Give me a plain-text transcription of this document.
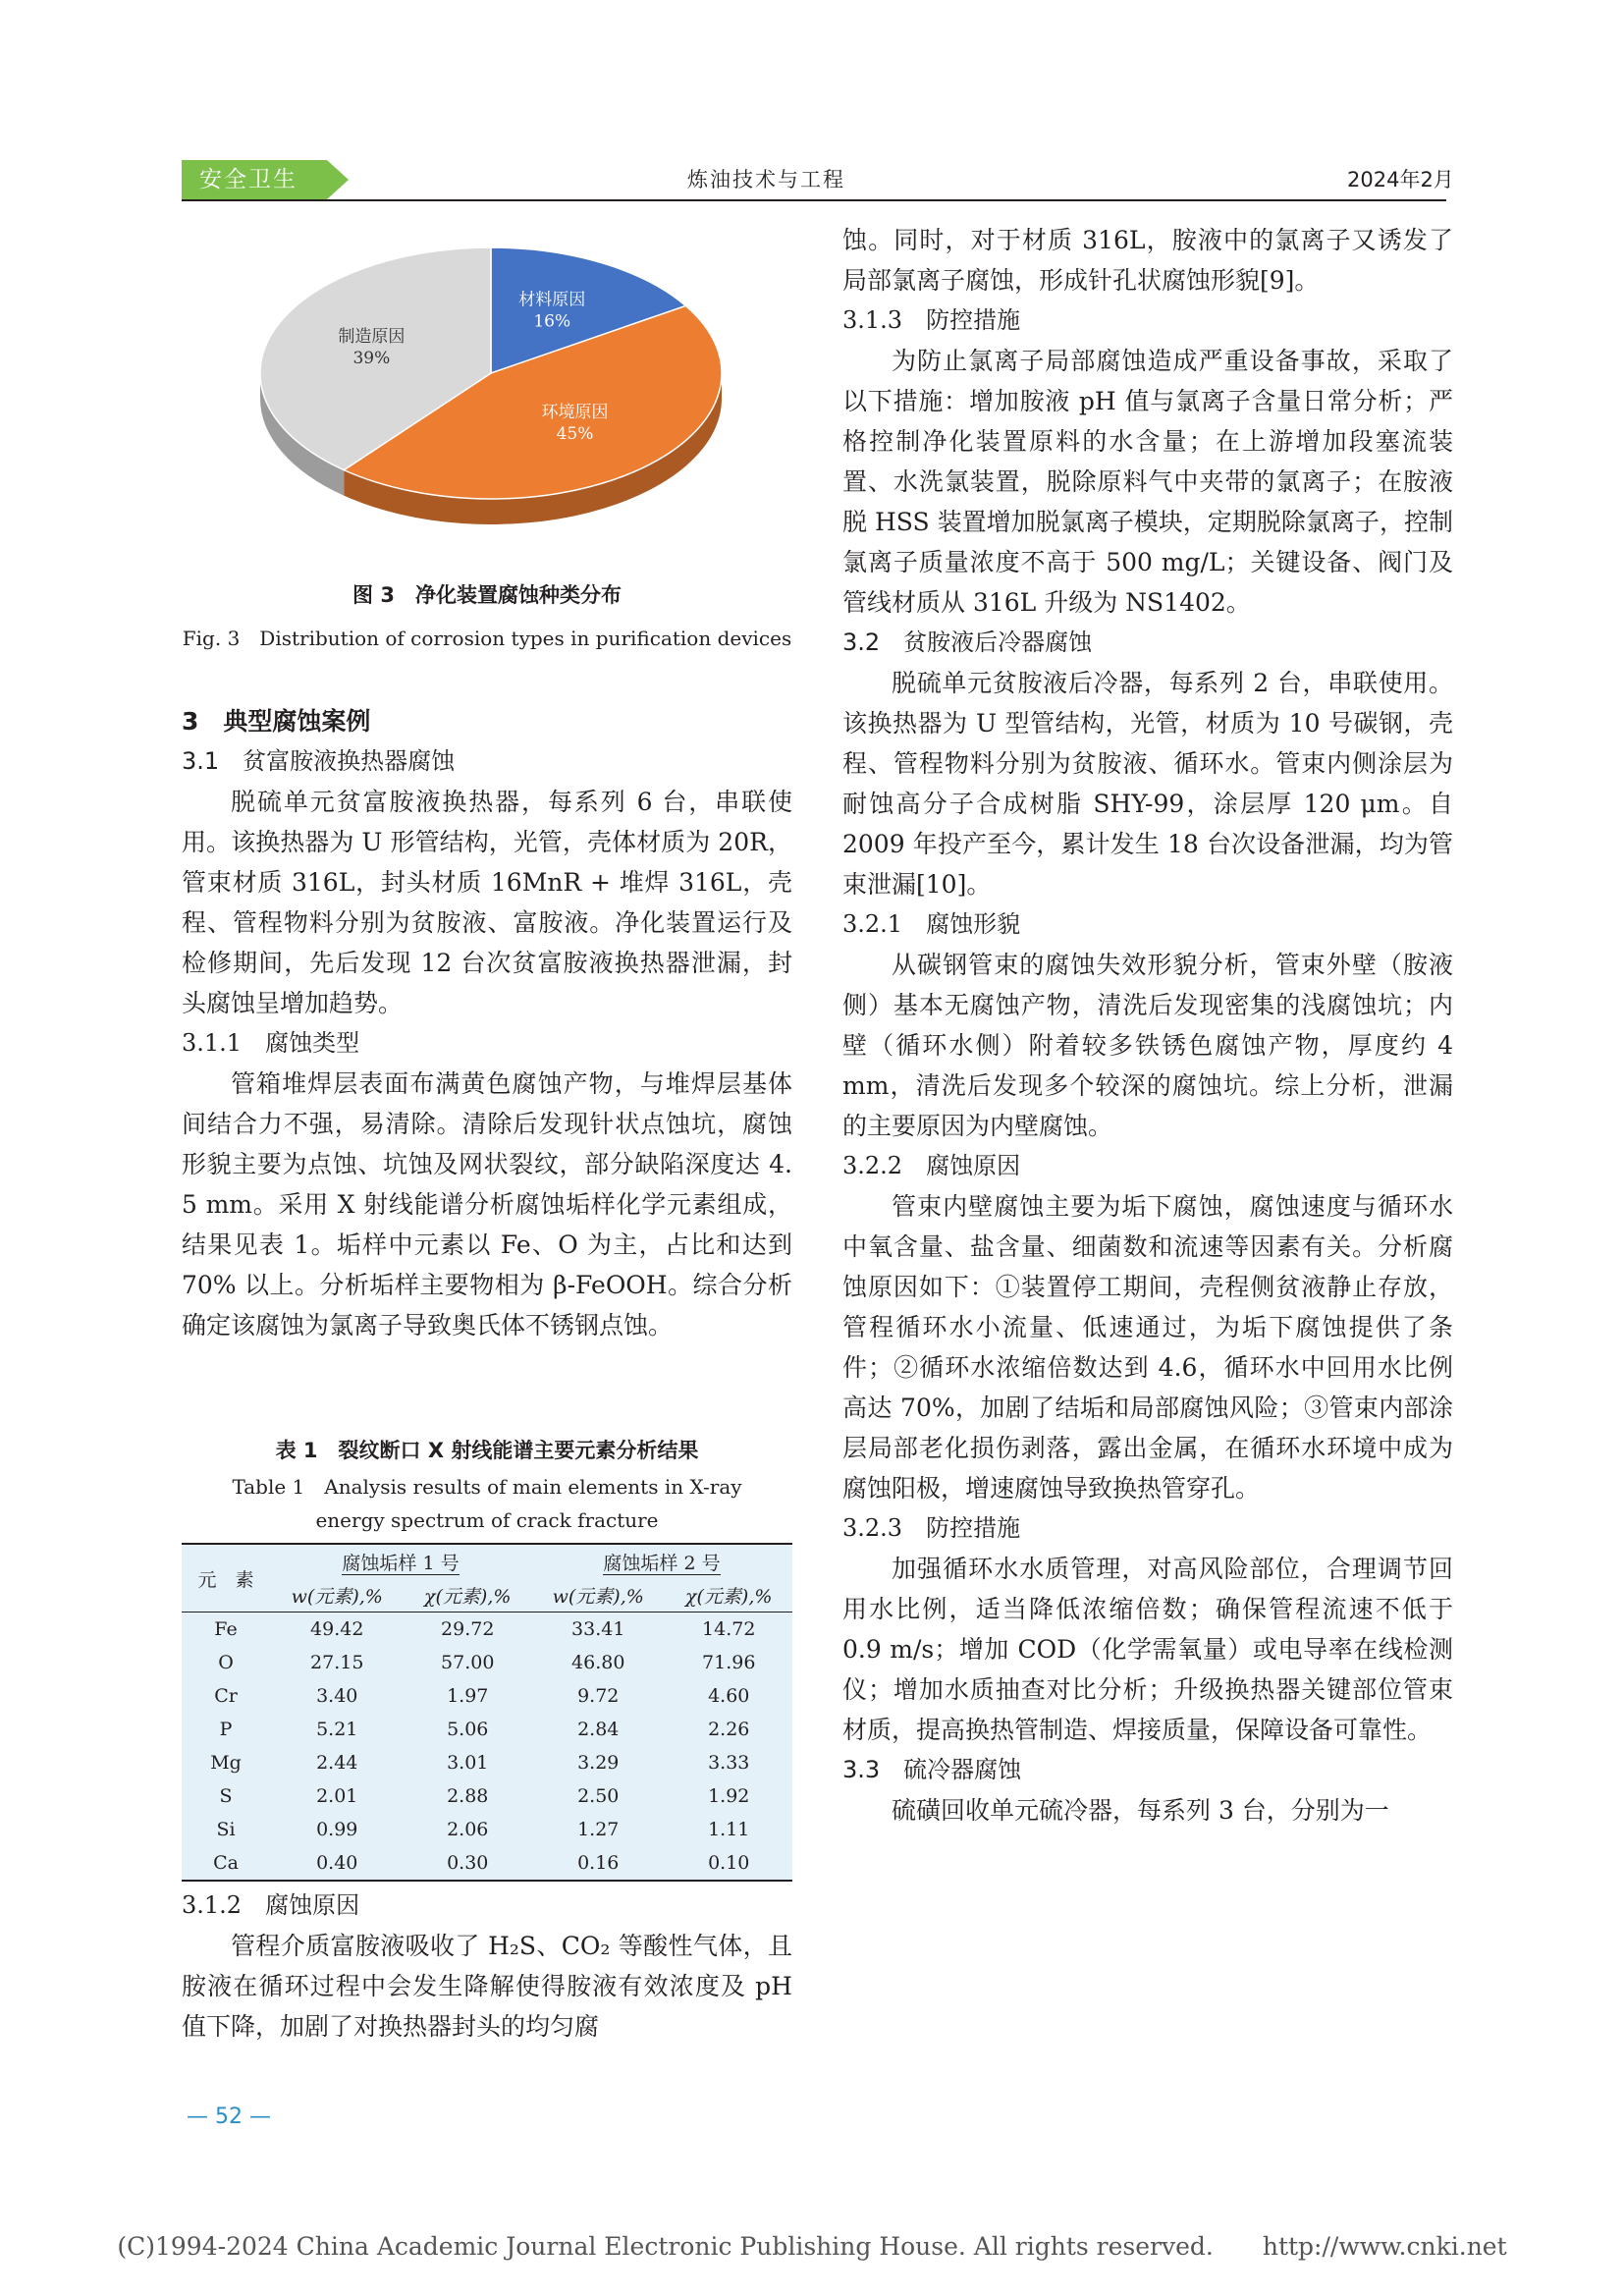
安全卫生	炼油技术与工程	2024年2月
材料原因
16%
环境原因
45%
制造原因
39%
图 3　净化装置腐蚀种类分布
Fig. 3　Distribution of corrosion types in purification devices

3　典型腐蚀案例

3.1　贫富胺液换热器腐蚀

脱硫单元贫富胺液换热器，每系列 6 台，串联使用。该换热器为 U 形管结构，光管，壳体材质为 20R，管束材质 316L，封头材质 16MnR + 堆焊 316L，壳程、管程物料分别为贫胺液、富胺液。净化装置运行及检修期间，先后发现 12 台次贫富胺液换热器泄漏，封头腐蚀呈增加趋势。

3.1.1　腐蚀类型

管箱堆焊层表面布满黄色腐蚀产物，与堆焊层基体间结合力不强，易清除。清除后发现针状点蚀坑，腐蚀形貌主要为点蚀、坑蚀及网状裂纹，部分缺陷深度达 4. 5 mm。采用 X 射线能谱分析腐蚀垢样化学元素组成，结果见表 1。垢样中元素以 Fe、O 为主，占比和达到 70% 以上。分析垢样主要物相为 β-FeOOH。综合分析确定该腐蚀为氯离子导致奥氏体不锈钢点蚀。

表 1　裂纹断口 X 射线能谱主要元素分析结果
Table 1　Analysis results of main elements in X-ray
energy spectrum of crack fracture
元　素	腐蚀垢样 1 号		腐蚀垢样 2 号	
	w(元素),%	χ(元素),%	w(元素),%	χ(元素),%
Fe	49.42	29.72	33.41	14.72
O	27.15	57.00	46.80	71.96
Cr	3.40	1.97	9.72	4.60
P	5.21	5.06	2.84	2.26
Mg	2.44	3.01	3.29	3.33
S	2.01	2.88	2.50	1.92
Si	0.99	2.06	1.27	1.11
Ca	0.40	0.30	0.16	0.10

3.1.2　腐蚀原因

管程介质富胺液吸收了 H₂S、CO₂ 等酸性气体，且胺液在循环过程中会发生降解使得胺液有效浓度及 pH 值下降，加剧了对换热器封头的均匀腐

蚀。同时，对于材质 316L，胺液中的氯离子又诱发了局部氯离子腐蚀，形成针孔状腐蚀形貌[9]。

3.1.3　防控措施

为防止氯离子局部腐蚀造成严重设备事故，采取了以下措施：增加胺液 pH 值与氯离子含量日常分析；严格控制净化装置原料的水含量；在上游增加段塞流装置、水洗氯装置，脱除原料气中夹带的氯离子；在胺液脱 HSS 装置增加脱氯离子模块，定期脱除氯离子，控制氯离子质量浓度不高于 500 mg/L；关键设备、阀门及管线材质从 316L 升级为 NS1402。

3.2　贫胺液后冷器腐蚀

脱硫单元贫胺液后冷器，每系列 2 台，串联使用。该换热器为 U 型管结构，光管，材质为 10 号碳钢，壳程、管程物料分别为贫胺液、循环水。管束内侧涂层为耐蚀高分子合成树脂 SHY-99，涂层厚 120 μm。自 2009 年投产至今，累计发生 18 台次设备泄漏，均为管束泄漏[10]。

3.2.1　腐蚀形貌

从碳钢管束的腐蚀失效形貌分析，管束外壁（胺液侧）基本无腐蚀产物，清洗后发现密集的浅腐蚀坑；内壁（循环水侧）附着较多铁锈色腐蚀产物，厚度约 4 mm，清洗后发现多个较深的腐蚀坑。综上分析，泄漏的主要原因为内壁腐蚀。

3.2.2　腐蚀原因

管束内壁腐蚀主要为垢下腐蚀，腐蚀速度与循环水中氧含量、盐含量、细菌数和流速等因素有关。分析腐蚀原因如下：①装置停工期间，壳程侧贫液静止存放，管程循环水小流量、低速通过，为垢下腐蚀提供了条件；②循环水浓缩倍数达到 4.6，循环水中回用水比例高达 70%，加剧了结垢和局部腐蚀风险；③管束内部涂层局部老化损伤剥落，露出金属，在循环水环境中成为腐蚀阳极，增速腐蚀导致换热管穿孔。

3.2.3　防控措施

加强循环水水质管理，对高风险部位，合理调节回用水比例，适当降低浓缩倍数；确保管程流速不低于 0.9 m/s；增加 COD（化学需氧量）或电导率在线检测仪；增加水质抽查对比分析；升级换热器关键部位管束材质，提高换热管制造、焊接质量，保障设备可靠性。

3.3　硫冷器腐蚀

硫磺回收单元硫冷器，每系列 3 台，分别为一

— 52 —
(C)1994-2024 China Academic Journal Electronic Publishing House. All rights reserved.　　http://www.cnki.net
